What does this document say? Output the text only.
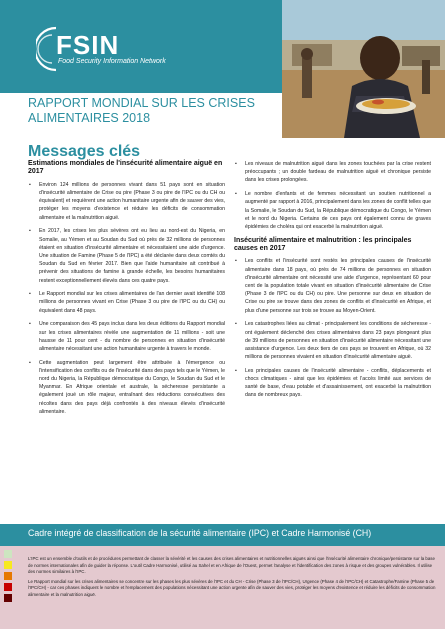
FSIN
Food Security Information Network
RAPPORT MONDIAL SUR LES CRISES ALIMENTAIRES 2018
Messages clés
Estimations mondiales de l'insécurité alimentaire aiguë en 2017
▪ Environ 124 millions de personnes vivant dans 51 pays sont en situation d'insécurité alimentaire de Crise ou pire (Phase 3 ou pire de l'IPC ou du CH ou équivalent) et requièrent une action humanitaire urgente afin de sauver des vies, protéger les moyens d'existence et réduire les déficits de consommation alimentaire et la malnutrition aiguë.
▪ En 2017, les crises les plus sévères ont eu lieu au nord-est du Nigeria, en Somalie, au Yémen et au Soudan du Sud où près de 32 millions de personnes étaient en situation d'insécurité alimentaire et nécessitaient une aide d'urgence. Une situation de Famine (Phase 5 de l'IPC) a été déclarée dans deux comtés du Soudan du Sud en février 2017. Bien que l'aide humanitaire ait contribué à prévenir des situations de famine à grande échelle, les besoins humanitaires restent exceptionnellement élevés dans ces quatre pays.
▪ Le Rapport mondial sur les crises alimentaires de l'an dernier avait identifié 108 millions de personnes vivant en Crise (Phase 3 ou pire de l'IPC ou du CH) ou équivalent dans 48 pays.
▪ Une comparaison des 45 pays inclus dans les deux éditions du Rapport mondial sur les crises alimentaires révèle une augmentation de 11 millions - soit une hausse de 11 pour cent - du nombre de personnes en situation d'insécurité alimentaire nécessitant une action humanitaire urgente à travers le monde.
▪ Cette augmentation peut largement être attribuée à l'émergence ou l'intensification des conflits ou de l'insécurité dans des pays tels que le Yémen, le nord du Nigeria, la République démocratique du Congo, le Soudan du Sud et le Myanmar. En Afrique orientale et australe, la sécheresse persistante a également joué un rôle majeur, entraînant des réductions consécutives des récoltes dans des pays déjà confrontés à des niveaux élevés d'insécurité alimentaire.
▪ Les niveaux de malnutrition aiguë dans les zones touchées par la crise restent préoccupants ; un double fardeau de malnutrition aiguë et chronique persiste dans les crises prolongées.
▪ Le nombre d'enfants et de femmes nécessitant un soutien nutritionnel a augmenté par rapport à 2016, principalement dans les zones de conflit telles que la Somalie, le Soudan du Sud, la République démocratique du Congo, le Yémen et le nord du Nigeria. Certains de ces pays ont également connu de graves épidémies de choléra qui ont exacerbé la malnutrition aiguë.
Insécurité alimentaire et malnutrition : les principales causes en 2017
▪ Les conflits et l'insécurité sont restés les principales causes de l'insécurité alimentaire dans 18 pays, où près de 74 millions de personnes en situation d'insécurité alimentaire ont nécessité une aide d'urgence, représentant 60 pour cent de la population totale vivant en situation d'insécurité alimentaire de Crise (Phase 3 de l'IPC ou du CH) ou pire. Une personne sur deux en situation de Crise ou pire se trouve dans des zones de conflits et d'insécurité en Afrique, et plus d'une personne sur trois se trouve au Moyen-Orient.
▪ Les catastrophes liées au climat - principalement les conditions de sécheresse - ont également déclenché des crises alimentaires dans 23 pays plongeant plus de 39 millions de personnes en situation d'insécurité alimentaire nécessitant une assistance d'urgence. Les deux tiers de ces pays se trouvent en Afrique, où 32 millions de personnes vivaient en situation d'insécurité alimentaire aiguë.
▪ Les principales causes de l'insécurité alimentaire - conflits, déplacements et chocs climatiques - ainsi que les épidémies et l'accès limité aux services de santé de base, d'eau potable et d'assainissement, ont exacerbé la malnutrition dans de nombreux pays.
Cadre intégré de classification de la sécurité alimentaire (IPC) et Cadre Harmonisé (CH)

L'IPC est un ensemble d'outils et de procédures permettant de classer la sévérité et les causes des crises alimentaires et nutritionnelles aiguës ainsi que l'insécurité alimentaire chronique/persistante sur la base de normes internationales afin de guider la réponse. L'outil Cadre Harmonisé, utilisé au Sahel et en Afrique de l'Ouest, permet l'analyse et l'identification des zones à risque et des groupes vulnérables. Il utilise des normes similaires à l'IPC.

Le Rapport mondial sur les crises alimentaires se concentre sur les phases les plus sévères de l'IPC et du CH - Crise (Phase 3 de l'IPC/CH), Urgence (Phase 4 de l'IPC/CH) et Catastrophe/Famine (Phase 5 de l'IPC/CH) - car ces phases indiquent le nombre et l'emplacement des populations nécessitant une action urgente afin de sauver des vies, protéger les moyens d'existence et réduire les déficits de consommation alimentaire et la malnutrition aiguë.
